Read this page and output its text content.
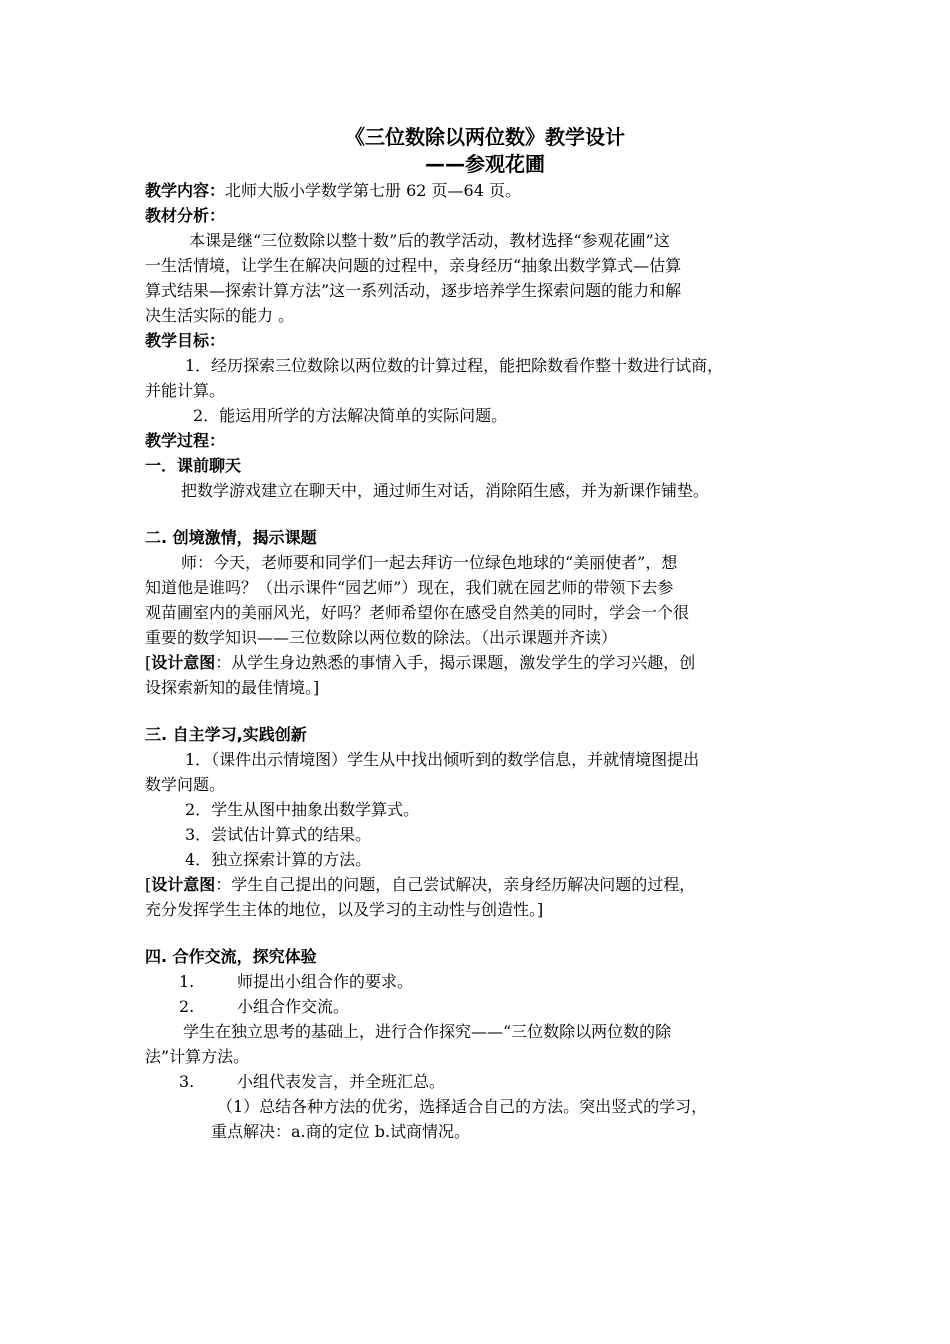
《三位数除以两位数》教学设计
——参观花圃
教学内容：北师大版小学数学第七册 62 页—64 页。
教材分析：
本课是继“三位数除以整十数”后的教学活动，教材选择“参观花圃”这
一生活情境，让学生在解决问题的过程中，亲身经历“抽象出数学算式—估算
算式结果—探索计算方法”这一系列活动，逐步培养学生探索问题的能力和解
决生活实际的能力 。
教学目标：
1．经历探索三位数除以两位数的计算过程，能把除数看作整十数进行试商，
并能计算。
2．能运用所学的方法解决简单的实际问题。
教学过程：
一．课前聊天
把数学游戏建立在聊天中，通过师生对话，消除陌生感，并为新课作铺垫。
二. 创境激情，揭示课题
师：今天，老师要和同学们一起去拜访一位绿色地球的“美丽使者”，想
知道他是谁吗？（出示课件“园艺师”）现在，我们就在园艺师的带领下去参
观苗圃室内的美丽风光，好吗？老师希望你在感受自然美的同时，学会一个很
重要的数学知识——三位数除以两位数的除法。（出示课题并齐读）
[设计意图：从学生身边熟悉的事情入手，揭示课题，激发学生的学习兴趣，创
设探索新知的最佳情境。]
三. 自主学习,实践创新
1．（课件出示情境图）学生从中找出倾听到的数学信息，并就情境图提出
数学问题。
2．学生从图中抽象出数学算式。
3．尝试估计算式的结果。
4．独立探索计算的方法。
[设计意图：学生自己提出的问题，自己尝试解决，亲身经历解决问题的过程，
充分发挥学生主体的地位，以及学习的主动性与创造性。]
四. 合作交流，探究体验
1.	师提出小组合作的要求。
2.	小组合作交流。
学生在独立思考的基础上，进行合作探究——“三位数除以两位数的除
法”计算方法。
3.	小组代表发言，并全班汇总。
（1）总结各种方法的优劣，选择适合自己的方法。突出竖式的学习，
重点解决：a.商的定位 b.试商情况。
